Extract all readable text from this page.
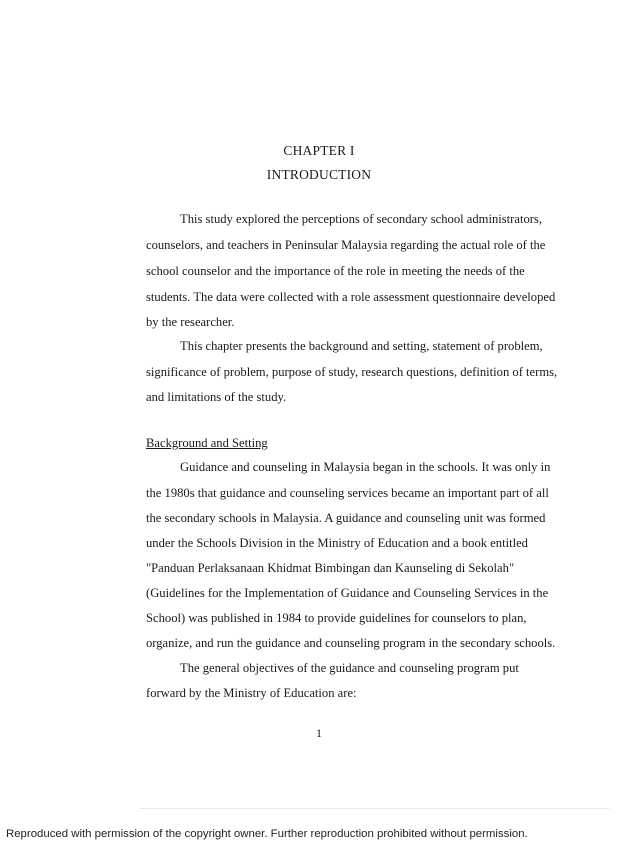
CHAPTER I
INTRODUCTION
This study explored the perceptions of secondary school administrators,
counselors, and teachers in Peninsular Malaysia regarding the actual role of the
school counselor and the importance of the role in meeting the needs of the
students. The data were collected with a role assessment questionnaire developed
by the researcher.
This chapter presents the background and setting, statement of problem,
significance of problem, purpose of study, research questions, definition of terms,
and limitations of the study.
Background and Setting
Guidance and counseling in Malaysia began in the schools. It was only in
the 1980s that guidance and counseling services became an important part of all
the secondary schools in Malaysia. A guidance and counseling unit was formed
under the Schools Division in the Ministry of Education and a book entitled
"Panduan Perlaksanaan Khidmat Bimbingan dan Kaunseling di Sekolah"
(Guidelines for the Implementation of Guidance and Counseling Services in the
School) was published in 1984 to provide guidelines for counselors to plan,
organize, and run the guidance and counseling program in the secondary schools.
The general objectives of the guidance and counseling program put
forward by the Ministry of Education are:
1
Reproduced with permission of the copyright owner. Further reproduction prohibited without permission.
